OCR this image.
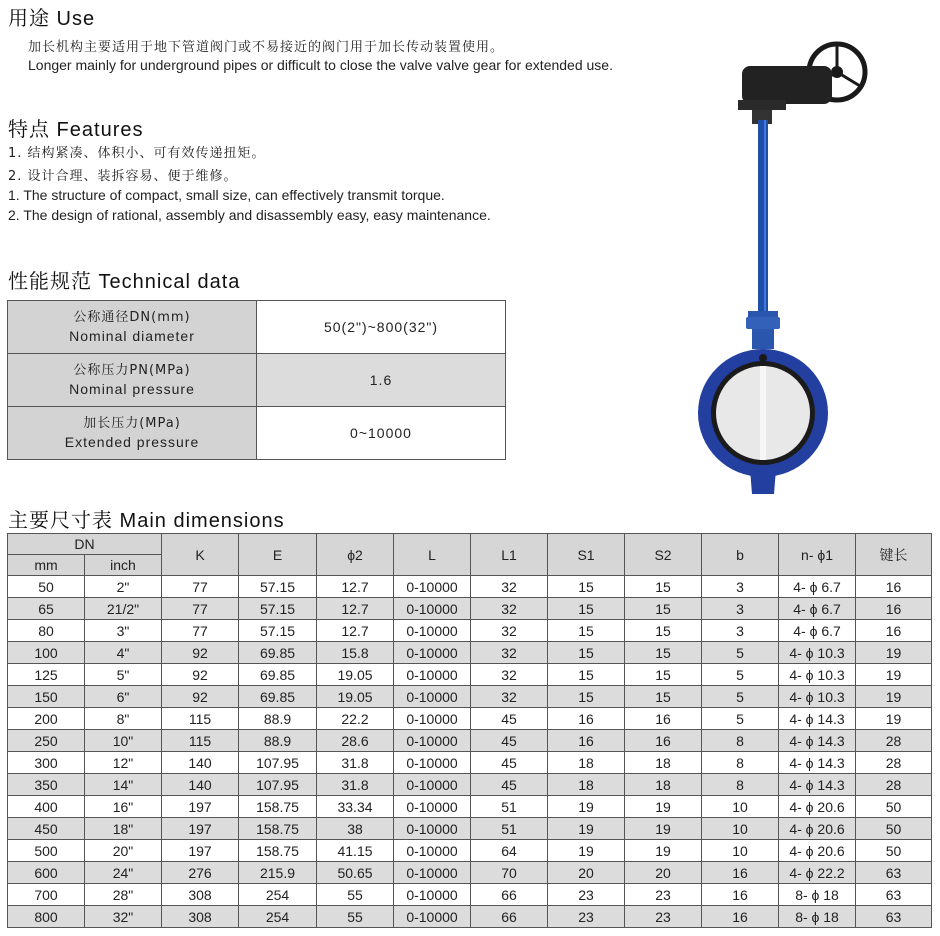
用途 Use
加长机构主要适用于地下管道阀门或不易接近的阀门用于加长传动装置使用。
Longer mainly for underground pipes or difficult to close the valve valve gear for extended use.
特点 Features
1. 结构紧凑、体积小、可有效传递扭矩。
2. 设计合理、装拆容易、便于维修。
1. The structure of compact, small size, can effectively transmit torque.
2. The design of rational, assembly and disassembly easy, easy maintenance.
性能规范 Technical data
公称通径DN(mm)
Nominal diameter	50(2")~800(32")

公称压力PN(MPa)
Nominal pressure	1.6

加长压力(MPa)
Extended pressure	0~10000
主要尺寸表 Main dimensions
DN		K	E	ϕ2	L	L1	S1	S2	b	n- ϕ1	键长
mm	inch										
50	2"	77	57.15	12.7	0-10000	32	15	15	3	4- ϕ 6.7	16
65	21/2"	77	57.15	12.7	0-10000	32	15	15	3	4- ϕ 6.7	16
80	3"	77	57.15	12.7	0-10000	32	15	15	3	4- ϕ 6.7	16
100	4"	92	69.85	15.8	0-10000	32	15	15	5	4- ϕ 10.3	19
125	5"	92	69.85	19.05	0-10000	32	15	15	5	4- ϕ 10.3	19
150	6"	92	69.85	19.05	0-10000	32	15	15	5	4- ϕ 10.3	19
200	8"	115	88.9	22.2	0-10000	45	16	16	5	4- ϕ 14.3	19
250	10"	115	88.9	28.6	0-10000	45	16	16	8	4- ϕ 14.3	28
300	12"	140	107.95	31.8	0-10000	45	18	18	8	4- ϕ 14.3	28
350	14"	140	107.95	31.8	0-10000	45	18	18	8	4- ϕ 14.3	28
400	16"	197	158.75	33.34	0-10000	51	19	19	10	4- ϕ 20.6	50
450	18"	197	158.75	38	0-10000	51	19	19	10	4- ϕ 20.6	50
500	20"	197	158.75	41.15	0-10000	64	19	19	10	4- ϕ 20.6	50
600	24"	276	215.9	50.65	0-10000	70	20	20	16	4- ϕ 22.2	63
700	28"	308	254	55	0-10000	66	23	23	16	8- ϕ 18	63
800	32"	308	254	55	0-10000	66	23	23	16	8- ϕ 18	63
